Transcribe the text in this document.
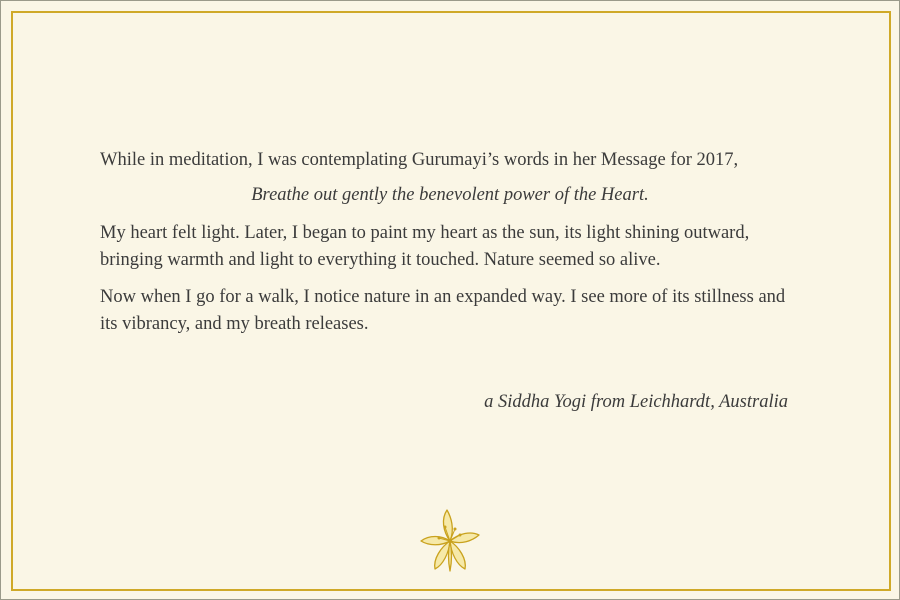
While in meditation, I was contemplating Gurumayi’s words in her Message for 2017,

Breathe out gently the benevolent power of the Heart.

My heart felt light. Later, I began to paint my heart as the sun, its light shining outward, bringing warmth and light to everything it touched. Nature seemed so alive.

Now when I go for a walk, I notice nature in an expanded way. I see more of its stillness and its vibrancy, and my breath releases.

a Siddha Yogi from Leichhardt, Australia
